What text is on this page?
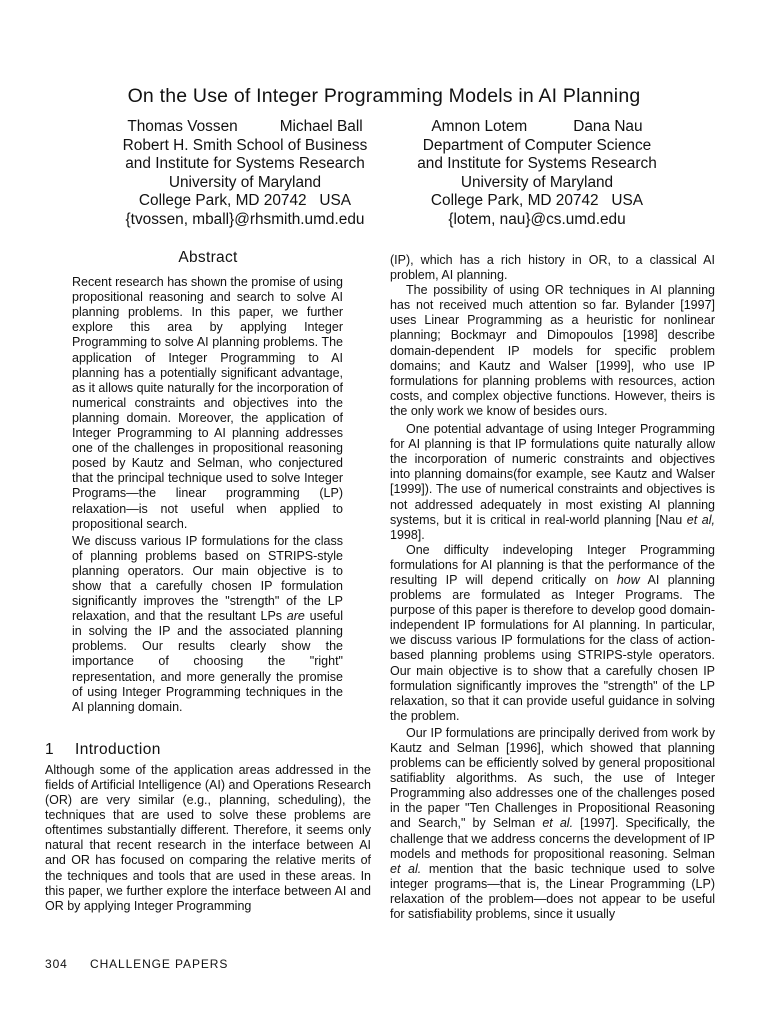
On the Use of Integer Programming Models in AI Planning
Thomas Vossen	Michael Ball
Robert H. Smith School of Business
and Institute for Systems Research
University of Maryland
College Park, MD 20742   USA
{tvossen, mball}@rhsmith.umd.edu
Amnon Lotem	Dana Nau
Department of Computer Science
and Institute for Systems Research
University of Maryland
College Park, MD 20742   USA
{lotem, nau}@cs.umd.edu
Abstract

Recent research has shown the promise of using propositional reasoning and search to solve AI planning problems. In this paper, we further explore this area by applying Integer Programming to solve AI planning problems. The application of Integer Programming to AI planning has a potentially significant advantage, as it allows quite naturally for the incorporation of numerical constraints and objectives into the planning domain. Moreover, the application of Integer Programming to AI planning addresses one of the challenges in propositional reasoning posed by Kautz and Selman, who conjectured that the principal technique used to solve Integer Programs—the linear programming (LP) relaxation—is not useful when applied to propositional search.

We discuss various IP formulations for the class of planning problems based on STRIPS-style planning operators. Our main objective is to show that a carefully chosen IP formulation significantly improves the "strength" of the LP relaxation, and that the resultant LPs are useful in solving the IP and the associated planning problems. Our results clearly show the importance of choosing the "right" representation, and more generally the promise of using Integer Programming techniques in the AI planning domain.

1 Introduction

Although some of the application areas addressed in the fields of Artificial Intelligence (AI) and Operations Research (OR) are very similar (e.g., planning, scheduling), the techniques that are used to solve these problems are oftentimes substantially different. Therefore, it seems only natural that recent research in the interface between AI and OR has focused on comparing the relative merits of the techniques and tools that are used in these areas. In this paper, we further explore the interface between AI and OR by applying Integer Programming

(IP), which has a rich history in OR, to a classical AI problem, AI planning.

The possibility of using OR techniques in AI planning has not received much attention so far. Bylander [1997] uses Linear Programming as a heuristic for nonlinear planning; Bockmayr and Dimopoulos [1998] describe domain-dependent IP models for specific problem domains; and Kautz and Walser [1999], who use IP formulations for planning problems with resources, action costs, and complex objective functions. However, theirs is the only work we know of besides ours.

One potential advantage of using Integer Programming for AI planning is that IP formulations quite naturally allow the incorporation of numeric constraints and objectives into planning domains(for example, see Kautz and Walser [1999]). The use of numerical constraints and objectives is not addressed adequately in most existing AI planning systems, but it is critical in real-world planning [Nau et al, 1998].

One difficulty indeveloping Integer Programming formulations for AI planning is that the performance of the resulting IP will depend critically on how AI planning problems are formulated as Integer Programs. The purpose of this paper is therefore to develop good domain-independent IP formulations for AI planning. In particular, we discuss various IP formulations for the class of action-based planning problems using STRIPS-style operators. Our main objective is to show that a carefully chosen IP formulation significantly improves the "strength" of the LP relaxation, so that it can provide useful guidance in solving the problem.

Our IP formulations are principally derived from work by Kautz and Selman [1996], which showed that planning problems can be efficiently solved by general propositional satifiablity algorithms. As such, the use of Integer Programming also addresses one of the challenges posed in the paper "Ten Challenges in Propositional Reasoning and Search," by Selman et al. [1997]. Specifically, the challenge that we address concerns the development of IP models and methods for propositional reasoning. Selman et al. mention that the basic technique used to solve integer programs—that is, the Linear Programming (LP) relaxation of the problem—does not appear to be useful for satisfiability problems, since it usually

304 CHALLENGE PAPERS
